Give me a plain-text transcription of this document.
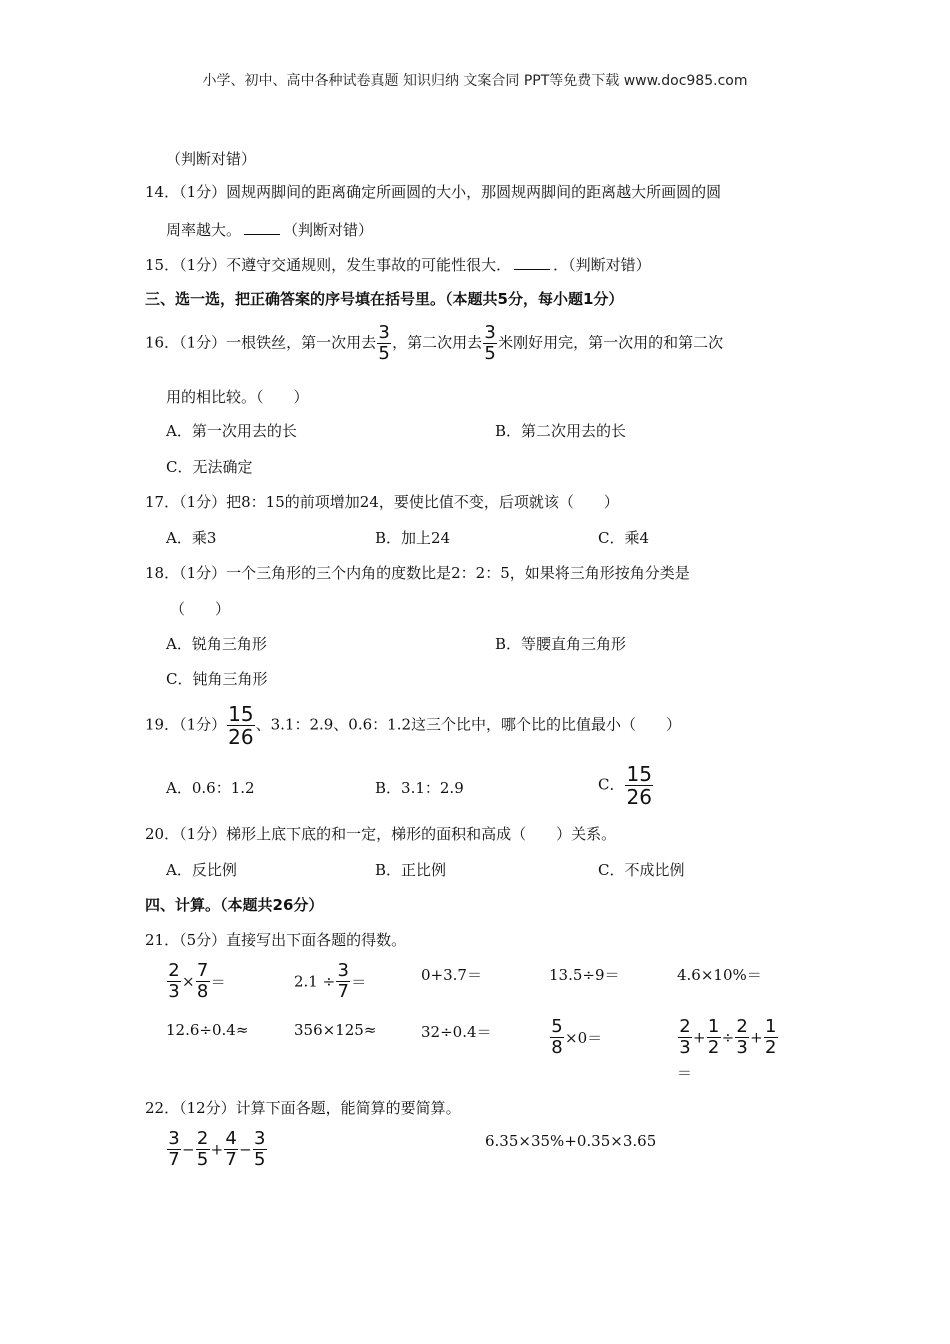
小学、初中、高中各种试卷真题 知识归纳 文案合同 PPT等免费下载 www.doc985.com
（判断对错）
14．（1分）圆规两脚间的距离确定所画圆的大小，那圆规两脚间的距离越大所画圆的圆
周率越大。	（判断对错）
15．（1分）不遵守交通规则，发生事故的可能性很大．	．（判断对错）
三、选一选，把正确答案的序号填在括号里。（本题共5分，每小题1分）
16．（1分）一根铁丝，第一次用去 $\frac{3}{5}$ ，第二次用去 $\frac{3}{5}$ 米刚好用完，第一次用的和第二次
用的相比较。（　　）
A．第一次用去的长	B．第二次用去的长
C．无法确定
17．（1分）把8：15的前项增加24，要使比值不变，后项就该（　　）
A．乘3	B．加上24	C．乘4
18．（1分）一个三角形的三个内角的度数比是2：2：5，如果将三角形按角分类是
（　　）
A．锐角三角形	B．等腰直角三角形
C．钝角三角形
19．（1分） $\frac{15}{26}$ 、3.1：2.9、0.6：1.2这三个比中，哪个比的比值最小（　　）
A．0.6：1.2	B．3.1：2.9	C． $\frac{15}{26}$
20．（1分）梯形上底下底的和一定，梯形的面积和高成（　　）关系。
A．反比例	B．正比例	C．不成比例
四、计算。（本题共26分）
21．（5分）直接写出下面各题的得数。
$\frac{2}{3} \times \frac{7}{8}$ ＝	$2.1 \div \frac{3}{7}$ ＝	0+3.7＝	13.5÷9＝	4.6×10%＝
12.6÷0.4≈	356×125≈	32÷0.4＝	$\frac{5}{8} \times 0=$	$\frac{2}{3} + \frac{1}{2} \div \frac{2}{3} + \frac{1}{2}$
＝
22．（12分）计算下面各题，能简算的要简算。
$\frac{3}{7} - \frac{2}{5} + \frac{4}{7} - \frac{3}{5}$	6.35×35%+0.35×3.65
